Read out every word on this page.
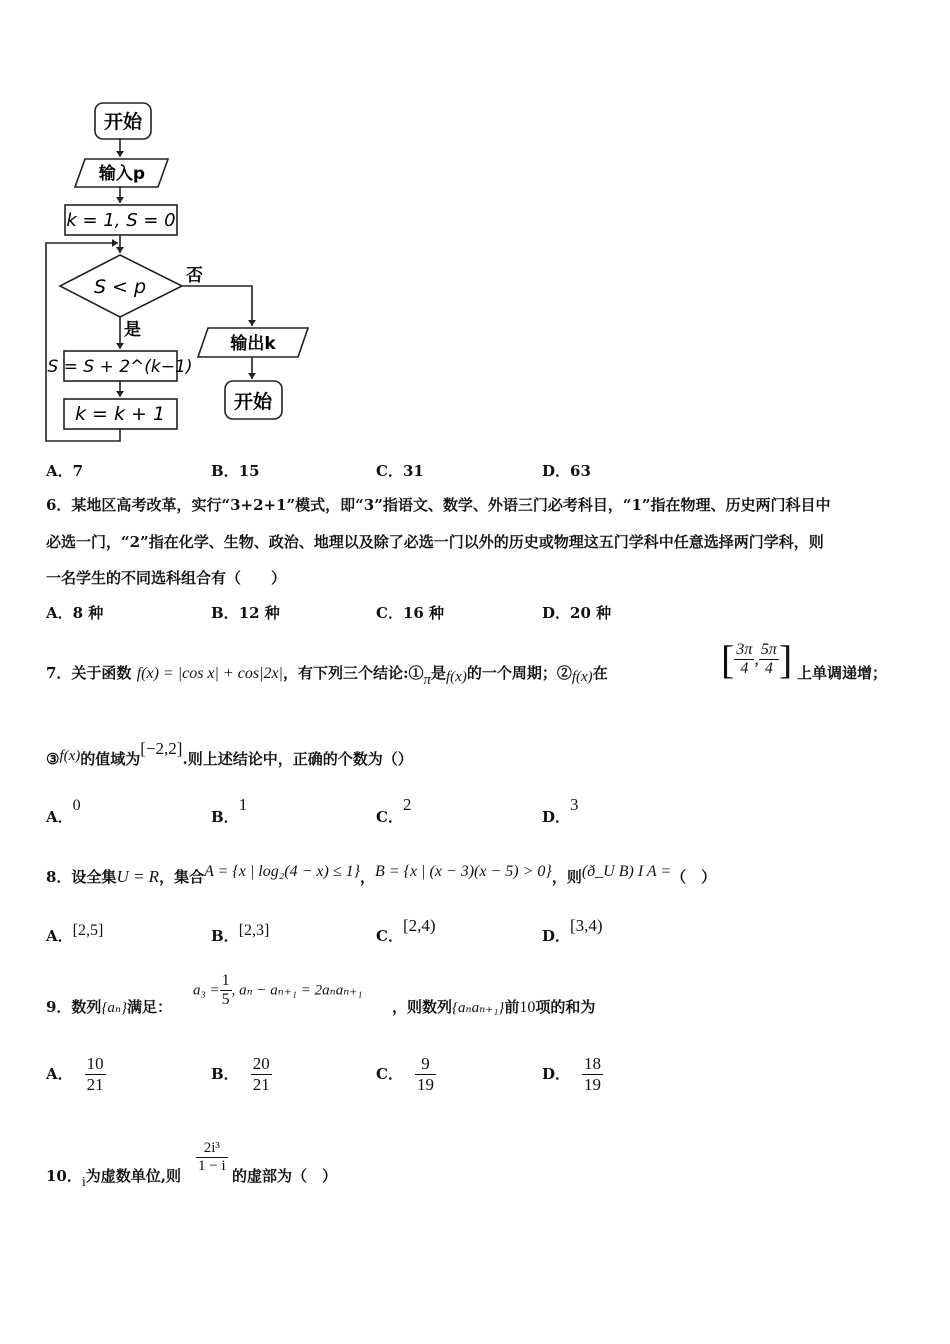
开始
输入p
k = 1, S = 0
S < p 否
是
S = S + 2^(k−1)
k = k + 1
输出k
开始
A．7	B．15	C．31	D．63
6．某地区高考改革，实行“3+2+1”模式，即“3”指语文、数学、外语三门必考科目，“1”指在物理、历史两门科目中
必选一门，“2”指在化学、生物、政治、地理以及除了必选一门以外的历史或物理这五门学科中任意选择两门学科，则
一名学生的不同选科组合有（　　）
A．8 种	B．12 种	C．16 种	D．20 种
7．关于函数 f(x) = |cos x| + cos|2x|，有下列三个结论:①π是f(x)的一个周期；②f(x)在	[ $\frac{3\pi}{4}$ , $\frac{5\pi}{4}$ ] 上单调递增；
③f(x)的值域为[−2,2].则上述结论中，正确的个数为（）
A．0
B．1
C．2
D．3
8．设全集U = R，集合A = {x | log₂(4 − x) ≤ 1}，B = {x | (x − 3)(x − 5) > 0}，则(ð_U B) I A =（　）
A．[2,5]	B．[2,3]	C．[2,4)
D．[3,4)
9．数列{aₙ}满足：
$a_3 = \frac{1}{5}$ , aₙ − aₙ₊₁ = 2aₙaₙ₊₁
，则数列{aₙaₙ₊₁}前10项的和为
A． $\frac{10}{21}$	B． $\frac{20}{21}$	C． $\frac{9}{19}$	D． $\frac{18}{19}$
10．i为虚数单位,则
$\frac{\text{2i³}}{1 - i}$
的虚部为（　）
